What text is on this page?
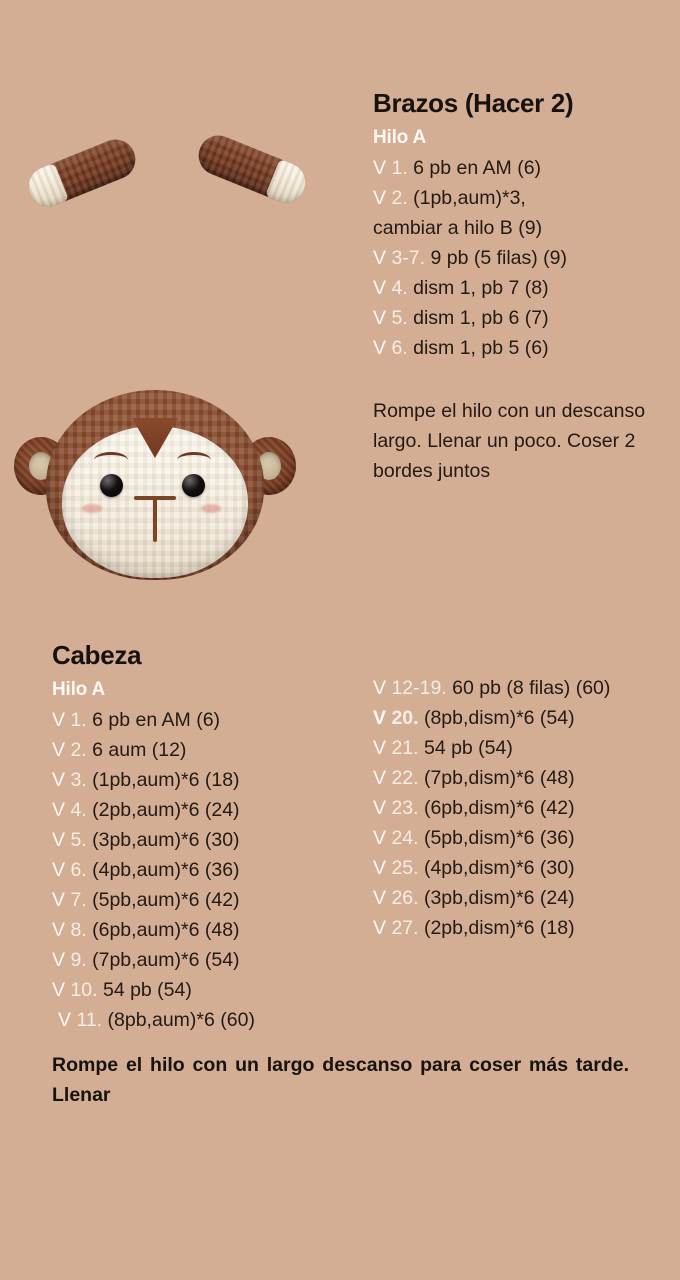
Brazos (Hacer 2)
Hilo A
V 1. 6 pb en AM (6)
V 2. (1pb,aum)*3,
cambiar a hilo B (9)
V 3-7. 9 pb (5 filas) (9)
V 4. dism 1, pb 7 (8)
V 5. dism 1, pb 6 (7)
V 6. dism 1, pb 5 (6)
Rompe el hilo con un descanso largo. Llenar un poco. Coser 2 bordes juntos
Cabeza
Hilo A
V 1. 6 pb en AM (6)
V 2. 6 aum (12)
V 3. (1pb,aum)*6 (18)
V 4. (2pb,aum)*6 (24)
V 5. (3pb,aum)*6 (30)
V 6. (4pb,aum)*6 (36)
V 7. (5pb,aum)*6 (42)
V 8. (6pb,aum)*6 (48)
V 9. (7pb,aum)*6 (54)
V 10. 54 pb (54)
V 11. (8pb,aum)*6 (60)
V 12-19. 60 pb (8 filas) (60)
V 20. (8pb,dism)*6 (54)
V 21. 54 pb (54)
V 22. (7pb,dism)*6 (48)
V 23. (6pb,dism)*6 (42)
V 24. (5pb,dism)*6 (36)
V 25. (4pb,dism)*6 (30)
V 26. (3pb,dism)*6 (24)
V 27. (2pb,dism)*6 (18)
Rompe el hilo con un largo descanso para coser más tarde. Llenar
